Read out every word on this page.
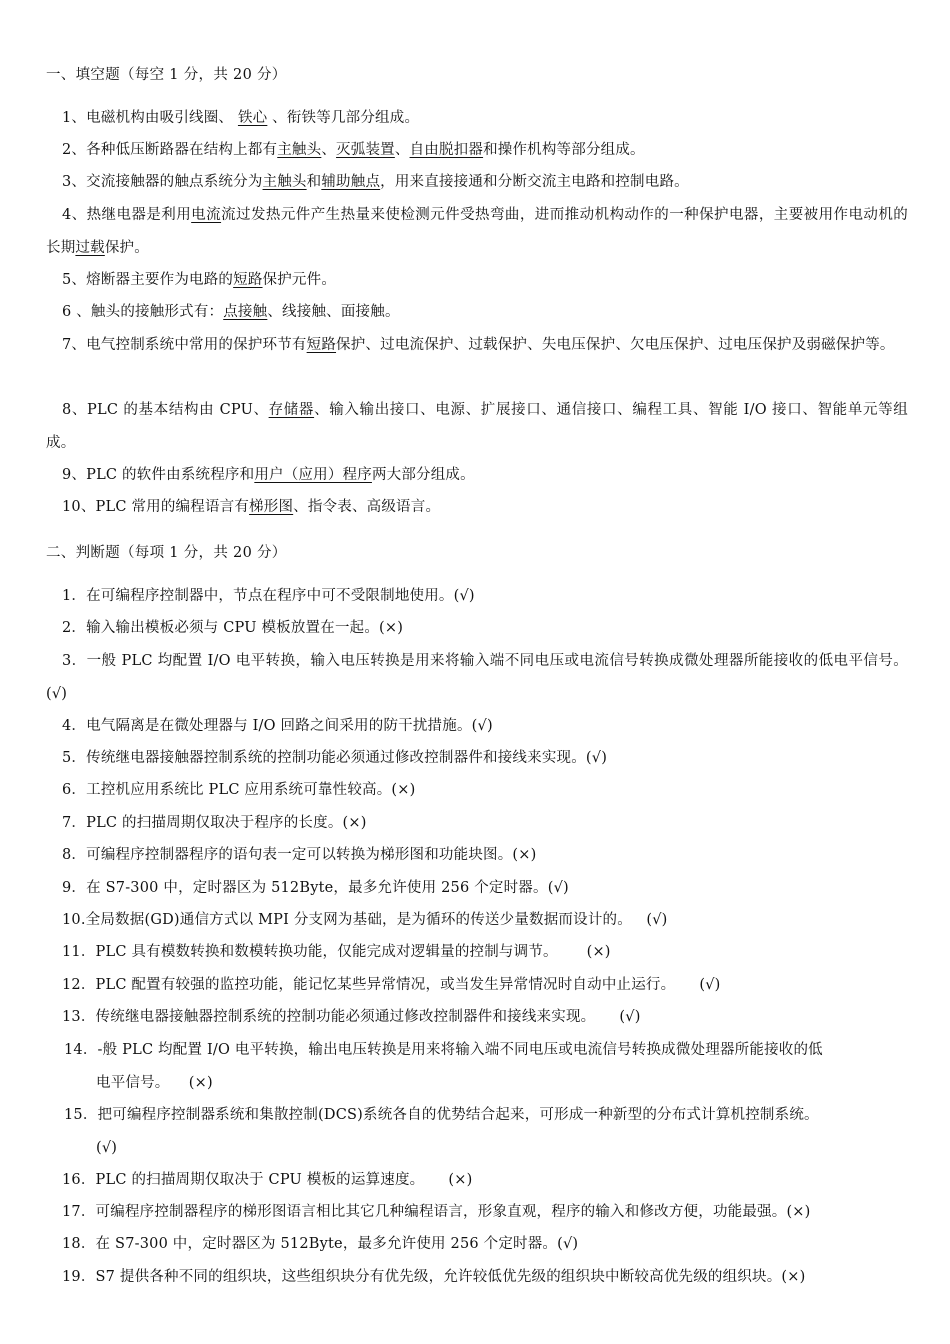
一、填空题（每空 1 分，共 20 分）
1、电磁机构由吸引线圈、 铁心 、衔铁等几部分组成。
2、各种低压断路器在结构上都有主触头、灭弧装置、自由脱扣器和操作机构等部分组成。
3、交流接触器的触点系统分为主触头和辅助触点，用来直接接通和分断交流主电路和控制电路。
4、热继电器是利用电流流过发热元件产生热量来使检测元件受热弯曲，进而推动机构动作的一种保护电器，主要被用作电动机的长期过载保护。
5、熔断器主要作为电路的短路保护元件。
6 、触头的接触形式有：点接触、线接触、面接触。
7、电气控制系统中常用的保护环节有短路保护、过电流保护、过载保护、失电压保护、欠电压保护、过电压保护及弱磁保护等。
8、PLC 的基本结构由 CPU、存储器、输入输出接口、电源、扩展接口、通信接口、编程工具、智能 I/O 接口、智能单元等组成。
9、PLC 的软件由系统程序和用户（应用）程序两大部分组成。
10、PLC 常用的编程语言有梯形图、指令表、高级语言。
二、判断题（每项 1 分，共 20 分）
1．在可编程序控制器中，节点在程序中可不受限制地使用。(√)
2．输入输出模板必须与 CPU 模板放置在一起。(×)
3．一般 PLC 均配置 I/O 电平转换，输入电压转换是用来将输入端不同电压或电流信号转换成微处理器所能接收的低电平信号。(√)
4．电气隔离是在微处理器与 I/O 回路之间采用的防干扰措施。(√)
5．传统继电器接触器控制系统的控制功能必须通过修改控制器件和接线来实现。(√)
6．工控机应用系统比 PLC 应用系统可靠性较高。(×)
7．PLC 的扫描周期仅取决于程序的长度。(×)
8．可编程序控制器程序的语句表一定可以转换为梯形图和功能块图。(×)
9．在 S7-300 中，定时器区为 512Byte，最多允许使用 256 个定时器。(√)
10.全局数据(GD)通信方式以 MPI 分支网为基础，是为循环的传送少量数据而设计的。   (√)
11．PLC 具有模数转换和数模转换功能，仅能完成对逻辑量的控制与调节。      (×)
12．PLC 配置有较强的监控功能，能记忆某些异常情况，或当发生异常情况时自动中止运行。     (√)
13．传统继电器接触器控制系统的控制功能必须通过修改控制器件和接线来实现。     (√)
14．-般 PLC 均配置 I/O 电平转换，输出电压转换是用来将输入端不同电压或电流信号转换成微处理器所能接收的低
电平信号。    (×)
15．把可编程序控制器系统和集散控制(DCS)系统各自的优势结合起来，可形成一种新型的分布式计算机控制系统。
(√)
16．PLC 的扫描周期仅取决于 CPU 模板的运算速度。     (×)
17．可编程序控制器程序的梯形图语言相比其它几种编程语言，形象直观，程序的输入和修改方便，功能最强。(×)
18．在 S7-300 中，定时器区为 512Byte，最多允许使用 256 个定时器。(√)
19．S7 提供各种不同的组织块，这些组织块分有优先级，允许较低优先级的组织块中断较高优先级的组织块。(×)
